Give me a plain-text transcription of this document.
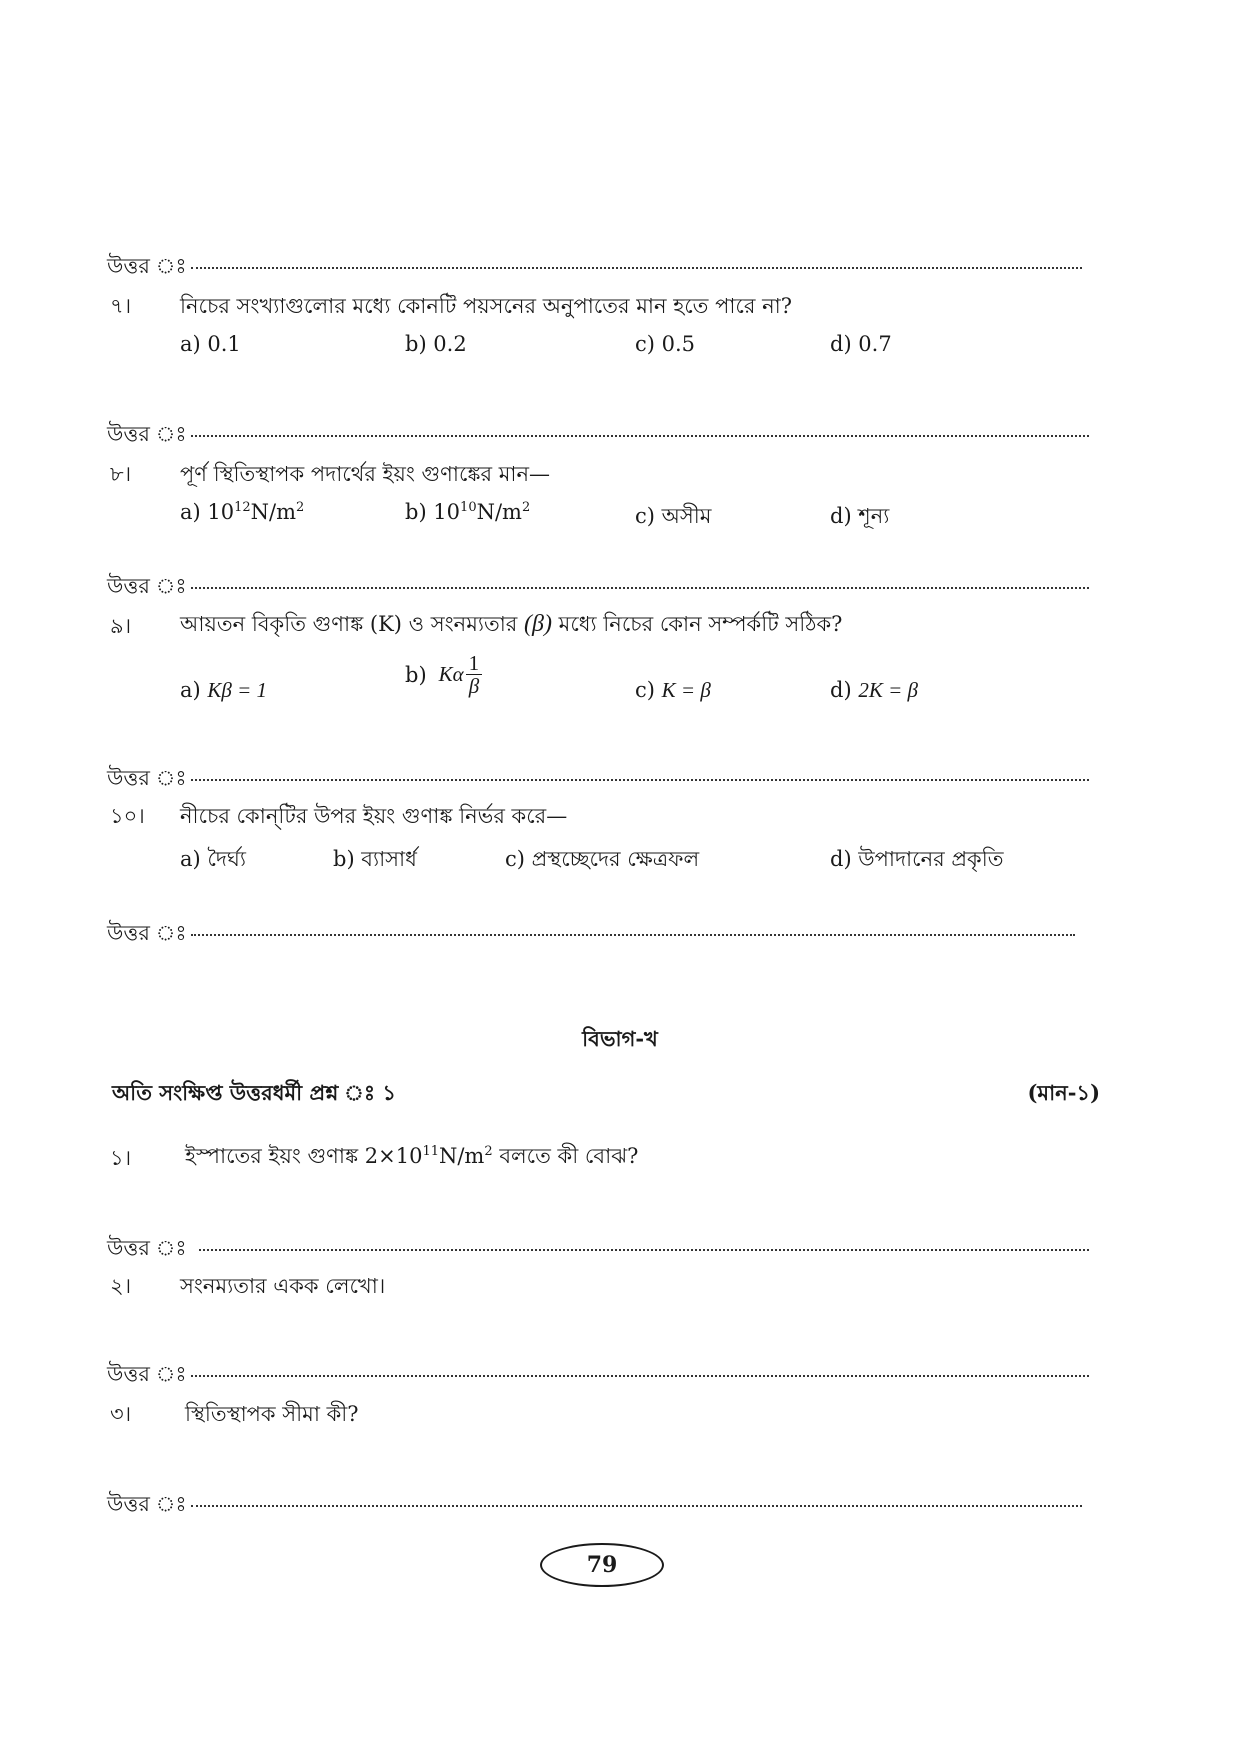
উত্তর ঃ
৭। নিচের সংখ্যাগুলোর মধ্যে কোনটি পয়সনের অনুপাতের মান হতে পারে না?
a) 0.1	b) 0.2	c) 0.5	d) 0.7
উত্তর ঃ
৮। পূর্ণ স্থিতিস্থাপক পদার্থের ইয়ং গুণাঙ্কের মান—
a) $10^{12}N/m^2$	b) $10^{10}N/m^2$	c) অসীম	d) শূন্য
উত্তর ঃ
৯। আয়তন বিকৃতি গুণাঙ্ক (K) ও সংনম্যতার (β) মধ্যে নিচের কোন সম্পর্কটি সঠিক?
a) Kβ = 1
b) Kα $\frac{1}{\beta}$	c) K = β	d) 2K = β
উত্তর ঃ
১০। নীচের কোন্‌টির উপর ইয়ং গুণাঙ্ক নির্ভর করে—
a) দৈর্ঘ্য	b) ব্যাসার্ধ	c) প্রস্থচ্ছেদের ক্ষেত্রফল	d) উপাদানের প্রকৃতি
উত্তর ঃ
বিভাগ-খ
অতি সংক্ষিপ্ত উত্তরধর্মী প্রশ্ন ঃ ১	(মান-১)
১।	ইস্পাতের ইয়ং গুণাঙ্ক $2\times 10^{11}N/m^2$ বলতে কী বোঝ?
উত্তর ঃ
২। সংনম্যতার একক লেখো।
উত্তর ঃ
৩।	স্থিতিস্থাপক সীমা কী?
উত্তর ঃ
79
